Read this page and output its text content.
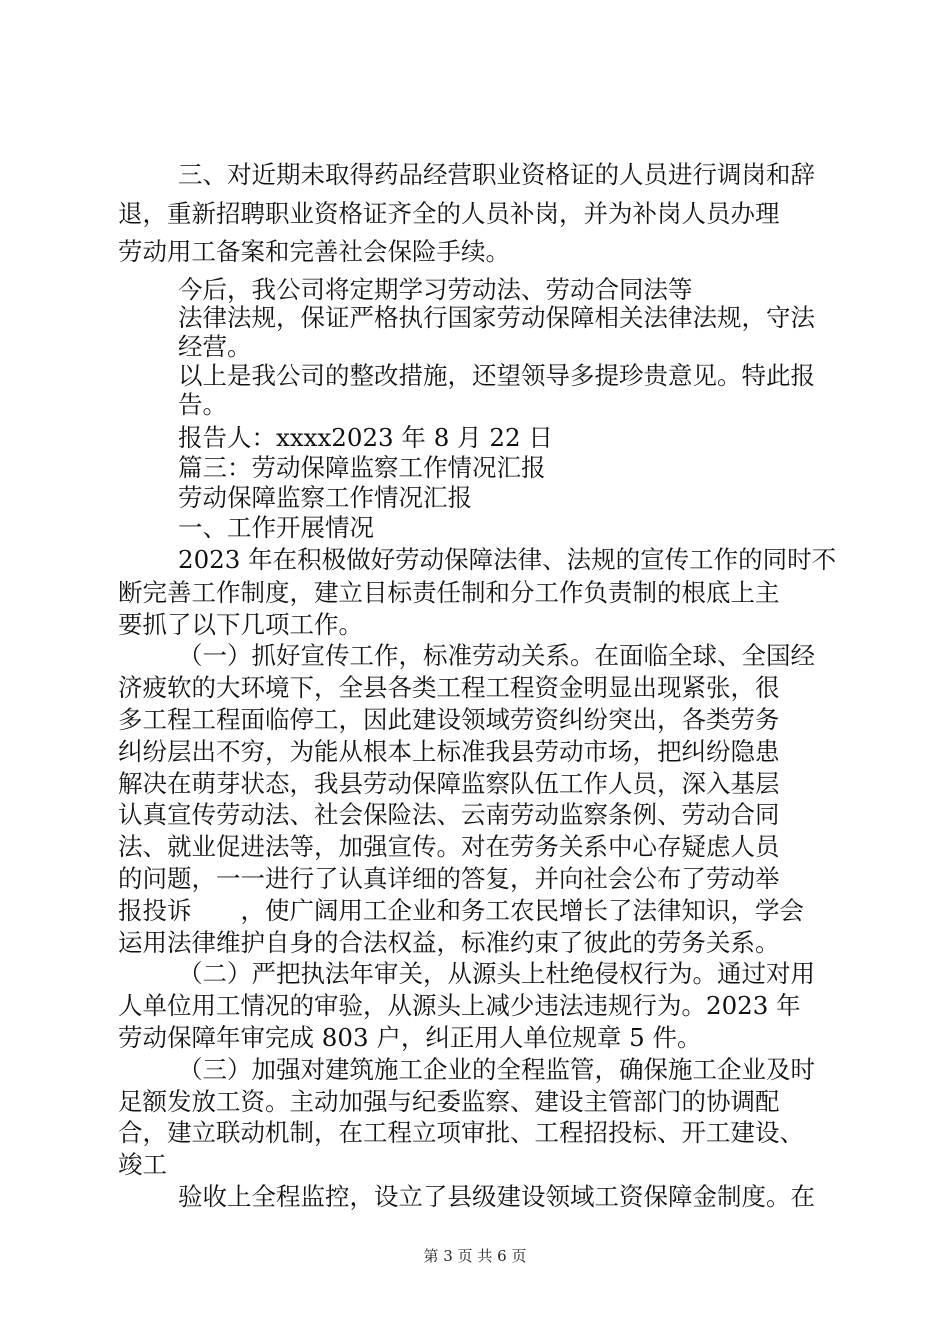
三、对近期未取得药品经营职业资格证的人员进行调岗和辞
退，重新招聘职业资格证齐全的人员补岗，并为补岗人员办理
劳动用工备案和完善社会保险手续。
今后，我公司将定期学习劳动法、劳动合同法等
法律法规，保证严格执行国家劳动保障相关法律法规，守法
经营。
以上是我公司的整改措施，还望领导多提珍贵意见。特此报
告。
报告人：xxxx2023 年 8 月 22 日
篇三：劳动保障监察工作情况汇报
劳动保障监察工作情况汇报
一、工作开展情况
2023 年在积极做好劳动保障法律、法规的宣传工作的同时不
断完善工作制度，建立目标责任制和分工作负责制的根底上主
要抓了以下几项工作。
（一）抓好宣传工作，标准劳动关系。在面临全球、全国经
济疲软的大环境下，全县各类工程工程资金明显出现紧张，很
多工程工程面临停工，因此建设领域劳资纠纷突出，各类劳务
纠纷层出不穷，为能从根本上标准我县劳动市场，把纠纷隐患
解决在萌芽状态，我县劳动保障监察队伍工作人员，深入基层
认真宣传劳动法、社会保险法、云南劳动监察条例、劳动合同
法、就业促进法等，加强宣传。对在劳务关系中心存疑虑人员
的问题，一一进行了认真详细的答复，并向社会公布了劳动举
报投诉　　，使广阔用工企业和务工农民增长了法律知识，学会
运用法律维护自身的合法权益，标准约束了彼此的劳务关系。
（二）严把执法年审关，从源头上杜绝侵权行为。通过对用
人单位用工情况的审验，从源头上减少违法违规行为。2023 年
劳动保障年审完成 803 户，纠正用人单位规章 5 件。
（三）加强对建筑施工企业的全程监管，确保施工企业及时
足额发放工资。主动加强与纪委监察、建设主管部门的协调配
合，建立联动机制，在工程立项审批、工程招投标、开工建设、
竣工
验收上全程监控，设立了县级建设领域工资保障金制度。在
第 3 页 共 6 页
